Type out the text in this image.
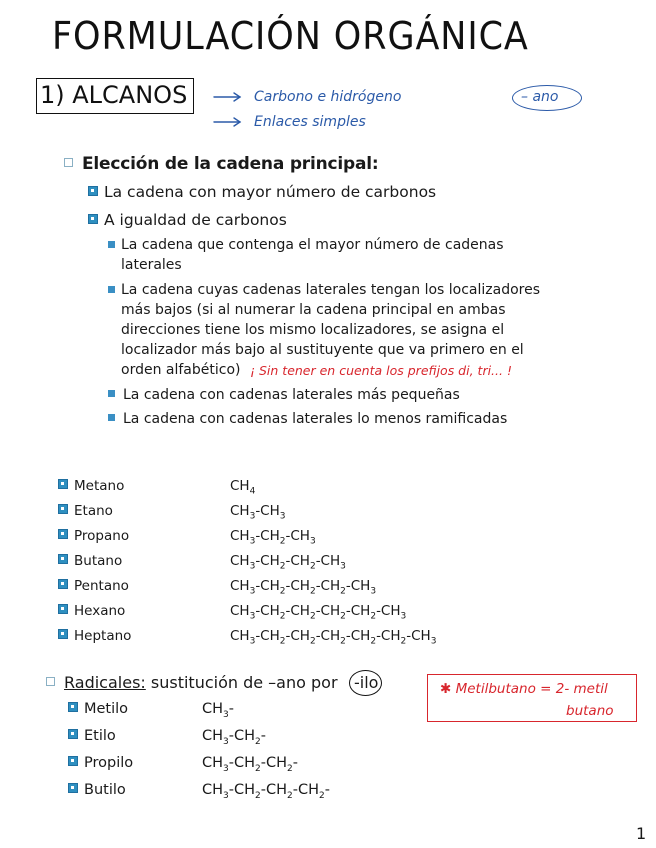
FORMULACIÓN ORGÁNICA
1) ALCANOS	Carbono e hidrógeno
Enlaces simples
– ano
Elección de la cadena principal:
La cadena con mayor número de carbonos
A igualdad de carbonos
La cadena que contenga el mayor número de cadenas laterales
La cadena cuyas cadenas laterales tengan los localizadores más bajos (si al numerar la cadena principal en ambas direcciones tiene los mismo localizadores, se asigna el localizador más bajo al sustituyente que va primero en el orden alfabético) ¡ Sin tener en cuenta los prefijos di, tri... !
La cadena con cadenas laterales más pequeñas
La cadena con cadenas laterales lo menos ramificadas
Metano	$CH_4$
Etano	$CH_3-CH_3$
Propano	$CH_3-CH_2-CH_3$
Butano	$CH_3-CH_2-CH_2-CH_3$
Pentano	$CH_3-CH_2-CH_2-CH_2-CH_3$
Hexano	$CH_3-CH_2-CH_2-CH_2-CH_2-CH_3$
Heptano	$CH_3-CH_2-CH_2-CH_2-CH_2-CH_2-CH_3$
Radicales: sustitución de –ano por -ilo
Metilo	$CH_3-$
Etilo	$CH_3-CH_2-$
Propilo	$CH_3-CH_2-CH_2-$
Butilo	$CH_3-CH_2-CH_2-CH_2-$
✱ Metilbutano = 2- metil
butano
1
